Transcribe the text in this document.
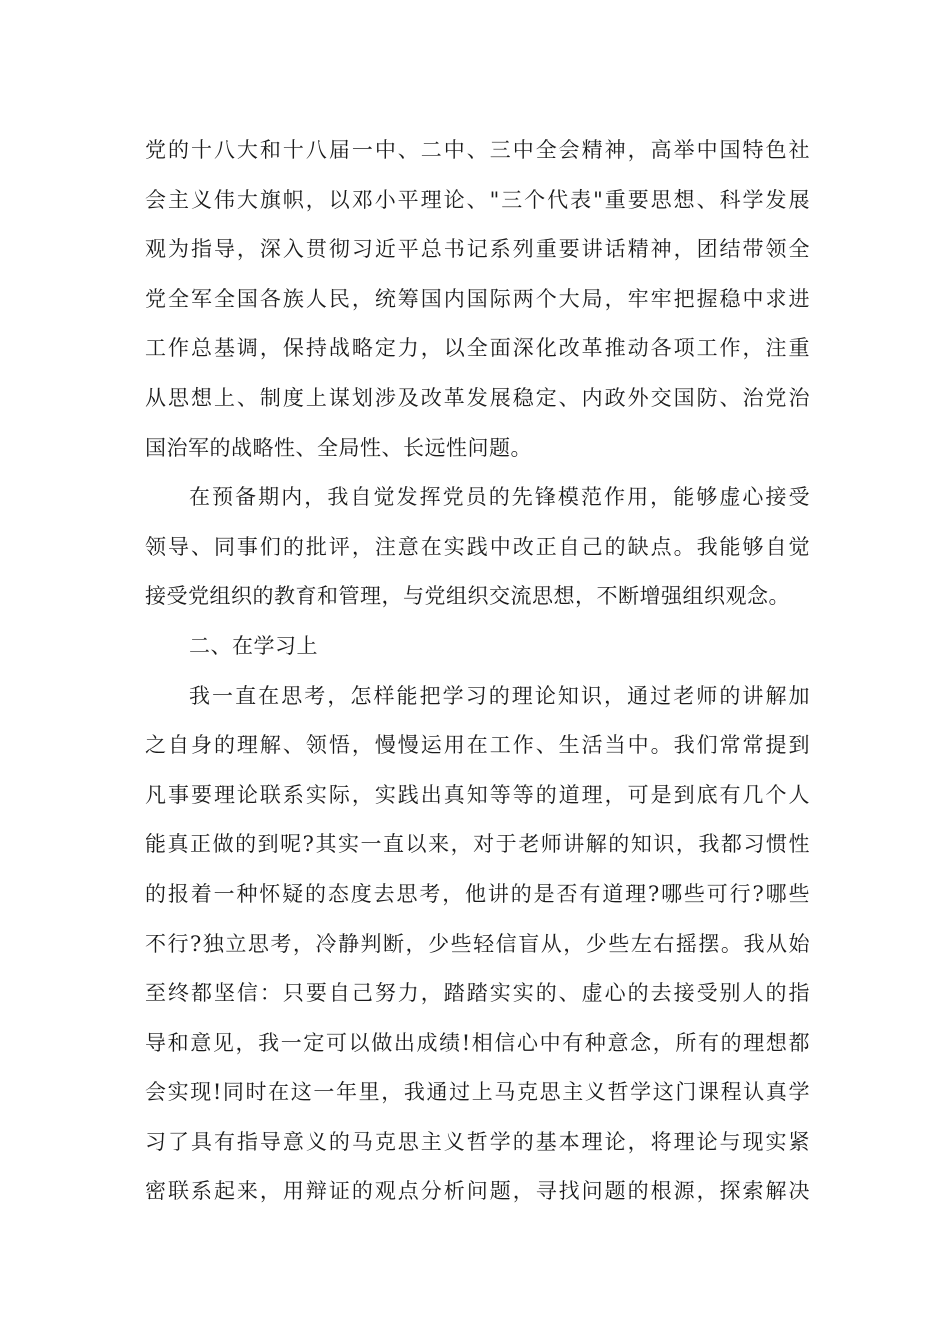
党的十八大和十八届一中、二中、三中全会精神，高举中国特色社
会主义伟大旗帜，以邓小平理论、"三个代表"重要思想、科学发展
观为指导，深入贯彻习近平总书记系列重要讲话精神，团结带领全
党全军全国各族人民，统筹国内国际两个大局，牢牢把握稳中求进
工作总基调，保持战略定力，以全面深化改革推动各项工作，注重
从思想上、制度上谋划涉及改革发展稳定、内政外交国防、治党治
国治军的战略性、全局性、长远性问题。
在预备期内，我自觉发挥党员的先锋模范作用，能够虚心接受
领导、同事们的批评，注意在实践中改正自己的缺点。我能够自觉
接受党组织的教育和管理，与党组织交流思想，不断增强组织观念。
二、在学习上
我一直在思考，怎样能把学习的理论知识，通过老师的讲解加
之自身的理解、领悟，慢慢运用在工作、生活当中。我们常常提到
凡事要理论联系实际，实践出真知等等的道理，可是到底有几个人
能真正做的到呢?其实一直以来，对于老师讲解的知识，我都习惯性
的报着一种怀疑的态度去思考，他讲的是否有道理?哪些可行?哪些
不行?独立思考，冷静判断，少些轻信盲从，少些左右摇摆。我从始
至终都坚信：只要自己努力，踏踏实实的、虚心的去接受别人的指
导和意见，我一定可以做出成绩!相信心中有种意念，所有的理想都
会实现!同时在这一年里，我通过上马克思主义哲学这门课程认真学
习了具有指导意义的马克思主义哲学的基本理论，将理论与现实紧
密联系起来，用辩证的观点分析问题，寻找问题的根源，探索解决
